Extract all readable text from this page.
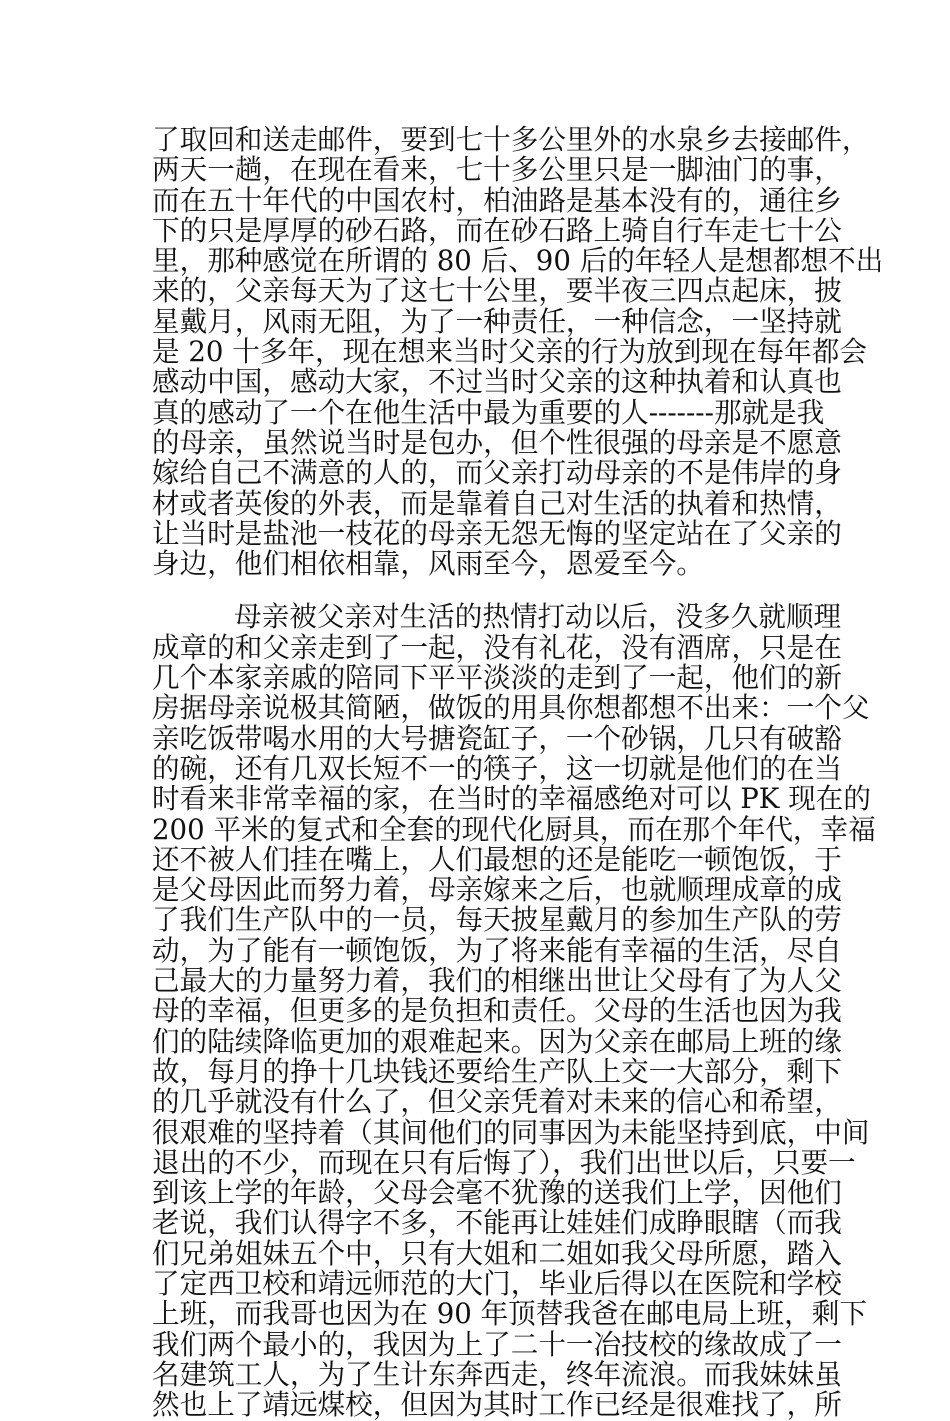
了取回和送走邮件，要到七十多公里外的水泉乡去接邮件，
两天一趟，在现在看来，七十多公里只是一脚油门的事，
而在五十年代的中国农村，柏油路是基本没有的，通往乡
下的只是厚厚的砂石路，而在砂石路上骑自行车走七十公
里，那种感觉在所谓的 80 后、90 后的年轻人是想都想不出
来的，父亲每天为了这七十公里，要半夜三四点起床，披
星戴月，风雨无阻，为了一种责任，一种信念，一坚持就
是 20 十多年，现在想来当时父亲的行为放到现在每年都会
感动中国，感动大家，不过当时父亲的这种执着和认真也
真的感动了一个在他生活中最为重要的人-------那就是我
的母亲，虽然说当时是包办，但个性很强的母亲是不愿意
嫁给自己不满意的人的，而父亲打动母亲的不是伟岸的身
材或者英俊的外表，而是靠着自己对生活的执着和热情，
让当时是盐池一枝花的母亲无怨无悔的坚定站在了父亲的
身边，他们相依相靠，风雨至今，恩爱至今。
母亲被父亲对生活的热情打动以后，没多久就顺理
成章的和父亲走到了一起，没有礼花，没有酒席，只是在
几个本家亲戚的陪同下平平淡淡的走到了一起，他们的新
房据母亲说极其简陋，做饭的用具你想都想不出来：一个父
亲吃饭带喝水用的大号搪瓷缸子，一个砂锅，几只有破豁
的碗，还有几双长短不一的筷子，这一切就是他们的在当
时看来非常幸福的家，在当时的幸福感绝对可以 PK 现在的
200 平米的复式和全套的现代化厨具，而在那个年代，幸福
还不被人们挂在嘴上，人们最想的还是能吃一顿饱饭，于
是父母因此而努力着，母亲嫁来之后，也就顺理成章的成
了我们生产队中的一员，每天披星戴月的参加生产队的劳
动，为了能有一顿饱饭，为了将来能有幸福的生活，尽自
己最大的力量努力着，我们的相继出世让父母有了为人父
母的幸福，但更多的是负担和责任。父母的生活也因为我
们的陆续降临更加的艰难起来。因为父亲在邮局上班的缘
故，每月的挣十几块钱还要给生产队上交一大部分，剩下
的几乎就没有什么了，但父亲凭着对未来的信心和希望，
很艰难的坚持着（其间他们的同事因为未能坚持到底，中间
退出的不少，而现在只有后悔了），我们出世以后，只要一
到该上学的年龄，父母会毫不犹豫的送我们上学，因他们
老说，我们认得字不多，不能再让娃娃们成睁眼瞎（而我
们兄弟姐妹五个中，只有大姐和二姐如我父母所愿，踏入
了定西卫校和靖远师范的大门，毕业后得以在医院和学校
上班，而我哥也因为在 90 年顶替我爸在邮电局上班，剩下
我们两个最小的，我因为上了二十一冶技校的缘故成了一
名建筑工人，为了生计东奔西走，终年流浪。而我妹妹虽
然也上了靖远煤校，但因为其时工作已经是很难找了，所
